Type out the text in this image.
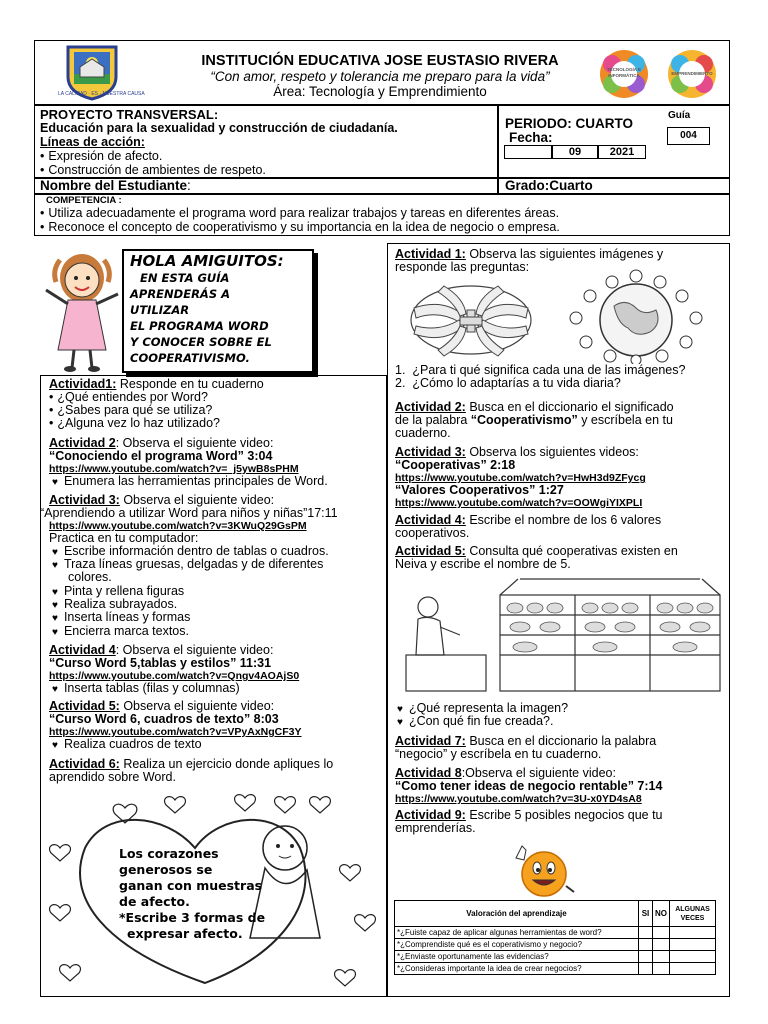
LA CALIDAD · ES · NUESTRA CAUSA
INSTITUCIÓN EDUCATIVA JOSE EUSTASIO RIVERA
“Con amor, respeto y tolerancia me preparo para la vida”
Área: Tecnología y Emprendimiento
TECNOLOGÍA E INFORMÁTICA	EMPRENDIMIENTO
PROYECTO TRANSVERSAL:
Educación para la sexualidad y construcción de ciudadanía.
Líneas de acción:
• Expresión de afecto.
• Construcción de ambientes de respeto.
PERIODO: CUARTO
Fecha:
09	2021
Guía
004
Nombre del Estudiante:	Grado:Cuarto
COMPETENCIA :
• Utiliza adecuadamente el programa word para realizar trabajos y tareas en diferentes áreas.
• Reconoce el concepto de cooperativismo y su importancia en la idea de negocio o empresa.
HOLA AMIGUITOS:
EN ESTA GUÍA
APRENDERÁS A
UTILIZAR
EL PROGRAMA WORD
Y CONOCER SOBRE EL
COOPERATIVISMO.
Actividad1: Responde en tu cuaderno
• ¿Qué entiendes por Word?
• ¿Sabes para qué se utiliza?
• ¿Alguna vez lo haz utilizado?
Actividad 2: Observa el siguiente video:
“Conociendo el programa Word” 3:04
https://www.youtube.com/watch?v=_j5ywB8sPHM
♥ Enumera las herramientas principales de Word.
Actividad 3: Observa el siguiente video:
“Aprendiendo a utilizar Word para niños y niñas”17:11
https://www.youtube.com/watch?v=3KWuQ29GsPM
Practica en tu computador:
♥ Escribe información dentro de tablas o cuadros.
♥ Traza líneas gruesas, delgadas y de diferentes
colores.
♥ Pinta y rellena figuras
♥ Realiza subrayados.
♥ Inserta líneas y formas
♥ Encierra marca textos.
Actividad 4: Observa el siguiente video:
“Curso Word 5,tablas y estilos” 11:31
https://www.youtube.com/watch?v=Qngv4AOAjS0
♥ Inserta tablas (filas y columnas)
Actividad 5: Observa el siguiente video:
“Curso Word 6, cuadros de texto” 8:03
https://www.youtube.com/watch?v=VPyAxNgCF3Y
♥ Realiza cuadros de texto
Actividad 6: Realiza un ejercicio donde apliques lo
aprendido sobre Word.
Los corazones
generosos se
ganan con muestras
de afecto.
*Escribe 3 formas de
expresar afecto.
Actividad 1: Observa las siguientes imágenes y
responde las preguntas:
1.  ¿Para ti qué significa cada una de las imágenes?
2.  ¿Cómo lo adaptarías a tu vida diaria?
Actividad 2: Busca en el diccionario el significado
de la palabra “Cooperativismo” y escríbela en tu
cuaderno.
Actividad 3: Observa los siguientes videos:
“Cooperativas” 2:18
https://www.youtube.com/watch?v=HwH3d9ZFycg
“Valores Cooperativos” 1:27
https://www.youtube.com/watch?v=OOWgiYIXPLI
Actividad 4: Escribe el nombre de los 6 valores
cooperativos.
Actividad 5: Consulta qué cooperativas existen en
Neiva y escribe el nombre de 5.
♥ ¿Qué representa la imagen?
♥ ¿Con qué fin fue creada?.
Actividad 7: Busca en el diccionario la palabra
“negocio” y escríbela en tu cuaderno.
Actividad 8:Observa el siguiente video:
“Como tener ideas de negocio rentable” 7:14
https://www.youtube.com/watch?v=3U-x0YD4sA8
Actividad 9: Escribe 5 posibles negocios que tu
emprenderías.
Valoración del aprendizaje	SI	NO	ALGUNAS VECES
*¿Fuiste capaz de aplicar algunas herramientas de word?			
*¿Comprendiste qué es el coperativismo y negocio?			
*¿Enviaste oportunamente las evidencias?			
*¿Consideras importante la idea de crear negocios?			
